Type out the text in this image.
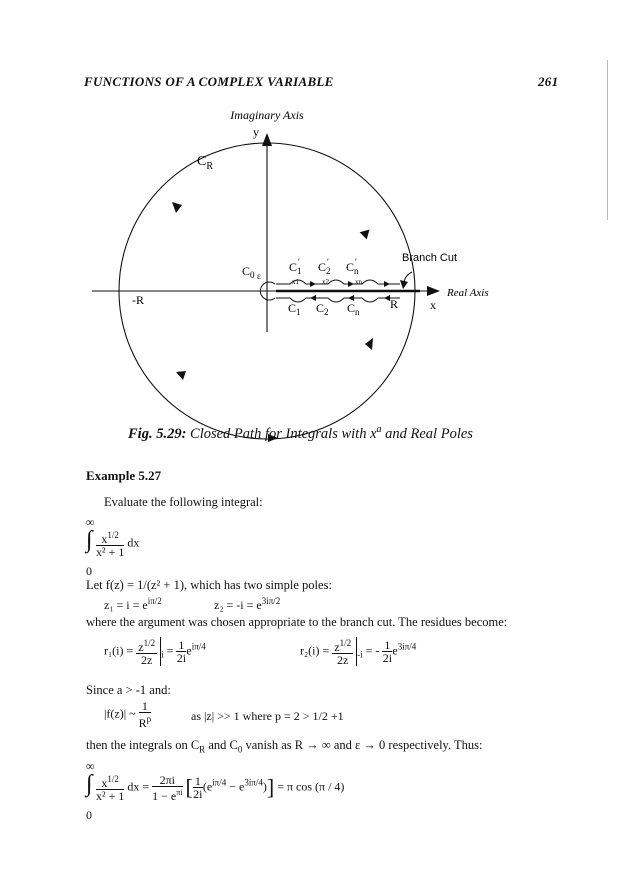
FUNCTIONS OF A COMPLEX VARIABLE	261
Imaginary Axis
y
Real Axis
x
$C_R$
Branch Cut
-R	R
$C_0$ ε
$C_1$
′ $C_2$
′ $C_n$
′
x1	x2	xn
$C_1$ $C_2$ $C_n$
Fig. 5.29: Closed Path for Integrals with $x^a$ and Real Poles
Example 5.27
Evaluate the following integral:
∞
∫
0
$\frac{x^{1/2}}{\text{x² + 1}}$ dx
Let f(z) = 1/(z² + 1), which has two simple poles:
$z_1 = i = e^{i\pi/2}$	$z_2 = -i = e^{3i\pi/2}$
where the argument was chosen appropriate to the branch cut. The residues become:
$r_1(i) = \frac{z^{1/2}}{2z} _i = \frac{1}{2i} e^{i\pi/4}$	$r_2(i) = \frac{z^{1/2}}{2z} _{-i}$ = - $\frac{1}{2i} e^{3i\pi/4}$
Since a > -1 and:
|f(z)| ~ $\frac{1}{R^p}$	as |z| >> 1 where p = 2 > 1/2 +1
then the integrals on $C_R$ and $C_0$ vanish as R → ∞ and ε → 0 respectively. Thus:
∞
∫
0
$\frac{x^{1/2}}{\text{x² + 1}}$ dx = $\frac{2\pi i}{1 - e^{\pi i}}$ [ $\frac{1}{2i} (e^{i\pi/4} - e^{3i\pi/4})] = \pi$ cos (π / 4)
